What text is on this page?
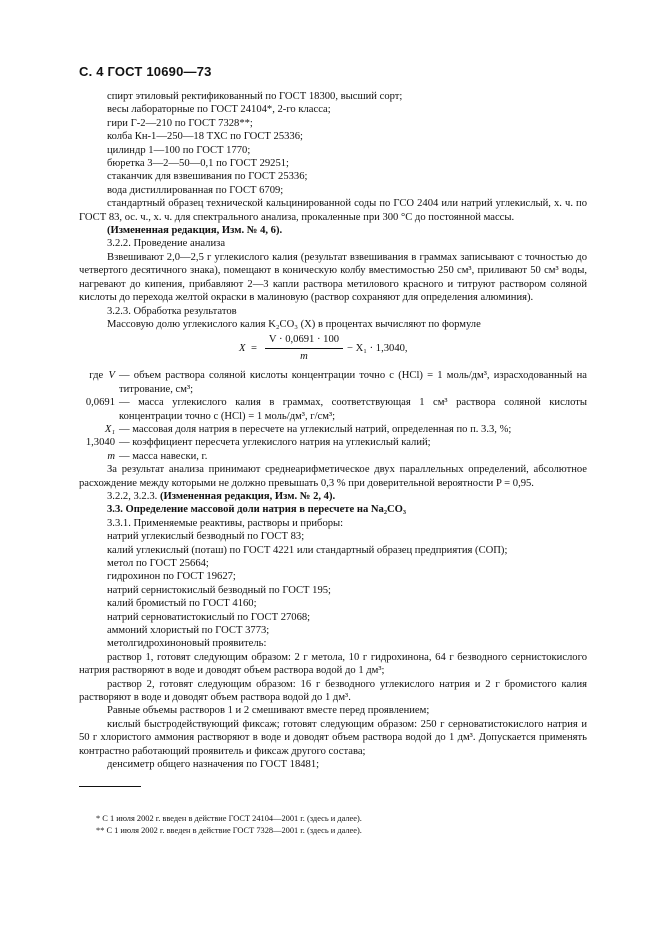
С. 4 ГОСТ 10690—73

спирт этиловый ректификованный по ГОСТ 18300, высший сорт;

весы лабораторные по ГОСТ 24104*, 2-го класса;

гири Г-2—210 по ГОСТ 7328**;

колба Кн-1—250—18 ТХС по ГОСТ 25336;

цилиндр 1—100 по ГОСТ 1770;

бюретка 3—2—50—0,1 по ГОСТ 29251;

стаканчик для взвешивания по ГОСТ 25336;

вода дистиллированная по ГОСТ 6709;

стандартный образец технической кальцинированной соды по ГСО 2404 или натрий углекислый, х. ч. по ГОСТ 83, ос. ч., х. ч. для спектрального анализа, прокаленные при 300 °С до постоянной массы.

(Измененная редакция, Изм. № 4, 6).

3.2.2. Проведение анализа

Взвешивают 2,0—2,5 г углекислого калия (результат взвешивания в граммах записывают с точностью до четвертого десятичного знака), помещают в коническую колбу вместимостью 250 см³, приливают 50 см³ воды, нагревают до кипения, прибавляют 2—3 капли раствора метилового красного и титруют раствором соляной кислоты до перехода желтой окраски в малиновую (раствор сохраняют для определения алюминия).

3.2.3. Обработка результатов

Массовую долю углекислого калия K₂CO₃ (X) в процентах вычисляют по формуле

X =
V · 0,0691 · 100
m
− X₁ · 1,3040,
где V — объем раствора соляной кислоты концентрации точно с (HCl) = 1 моль/дм³, израсходованный на титрование, см³;
0,0691 — масса углекислого калия в граммах, соответствующая 1 см³ раствора соляной кислоты концентрации точно с (HCl) = 1 моль/дм³, г/см³;
X₁ — массовая доля натрия в пересчете на углекислый натрий, определенная по п. 3.3, %;
1,3040 — коэффициент пересчета углекислого натрия на углекислый калий;
m — масса навески, г.

За результат анализа принимают среднеарифметическое двух параллельных определений, абсолютное расхождение между которыми не должно превышать 0,3 % при доверительной вероятности P = 0,95.

3.2.2, 3.2.3. (Измененная редакция, Изм. № 2, 4).

3.3. Определение массовой доли натрия в пересчете на Na₂CO₃

3.3.1. Применяемые реактивы, растворы и приборы:

натрий углекислый безводный по ГОСТ 83;

калий углекислый (поташ) по ГОСТ 4221 или стандартный образец предприятия (СОП);

метол по ГОСТ 25664;

гидрохинон по ГОСТ 19627;

натрий сернистокислый безводный по ГОСТ 195;

калий бромистый по ГОСТ 4160;

натрий серноватистокислый по ГОСТ 27068;

аммоний хлористый по ГОСТ 3773;

метолгидрохиноновый проявитель:

раствор 1, готовят следующим образом: 2 г метола, 10 г гидрохинона, 64 г безводного сернистокислого натрия растворяют в воде и доводят объем раствора водой до 1 дм³;

раствор 2, готовят следующим образом: 16 г безводного углекислого натрия и 2 г бромистого калия растворяют в воде и доводят объем раствора водой до 1 дм³.

Равные объемы растворов 1 и 2 смешивают вместе перед проявлением;

кислый быстродействующий фиксаж; готовят следующим образом: 250 г серноватистокислого натрия и 50 г хлористого аммония растворяют в воде и доводят объем раствора водой до 1 дм³. Допускается применять контрастно работающий проявитель и фиксаж другого состава;

денсиметр общего назначения по ГОСТ 18481;

* С 1 июля 2002 г. введен в действие ГОСТ 24104—2001 г. (здесь и далее).

** С 1 июля 2002 г. введен в действие ГОСТ 7328—2001 г. (здесь и далее).
